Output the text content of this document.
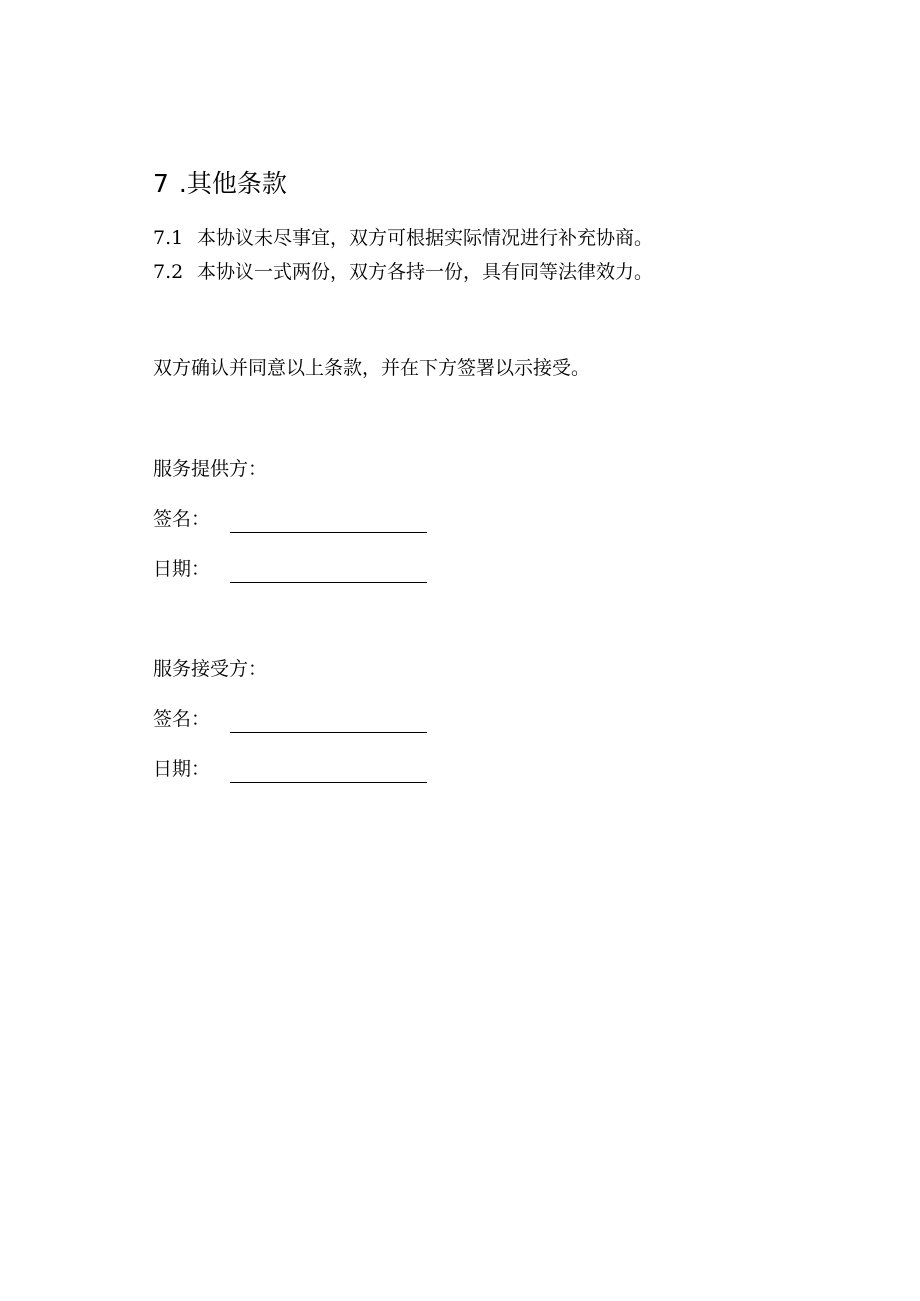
7 .其他条款
7.1 本协议未尽事宜，双方可根据实际情况进行补充协商。
7.2 本协议一式两份，双方各持一份，具有同等法律效力。
双方确认并同意以上条款，并在下方签署以示接受。
服务提供方：
签名：
日期：
服务接受方：
签名：
日期：
